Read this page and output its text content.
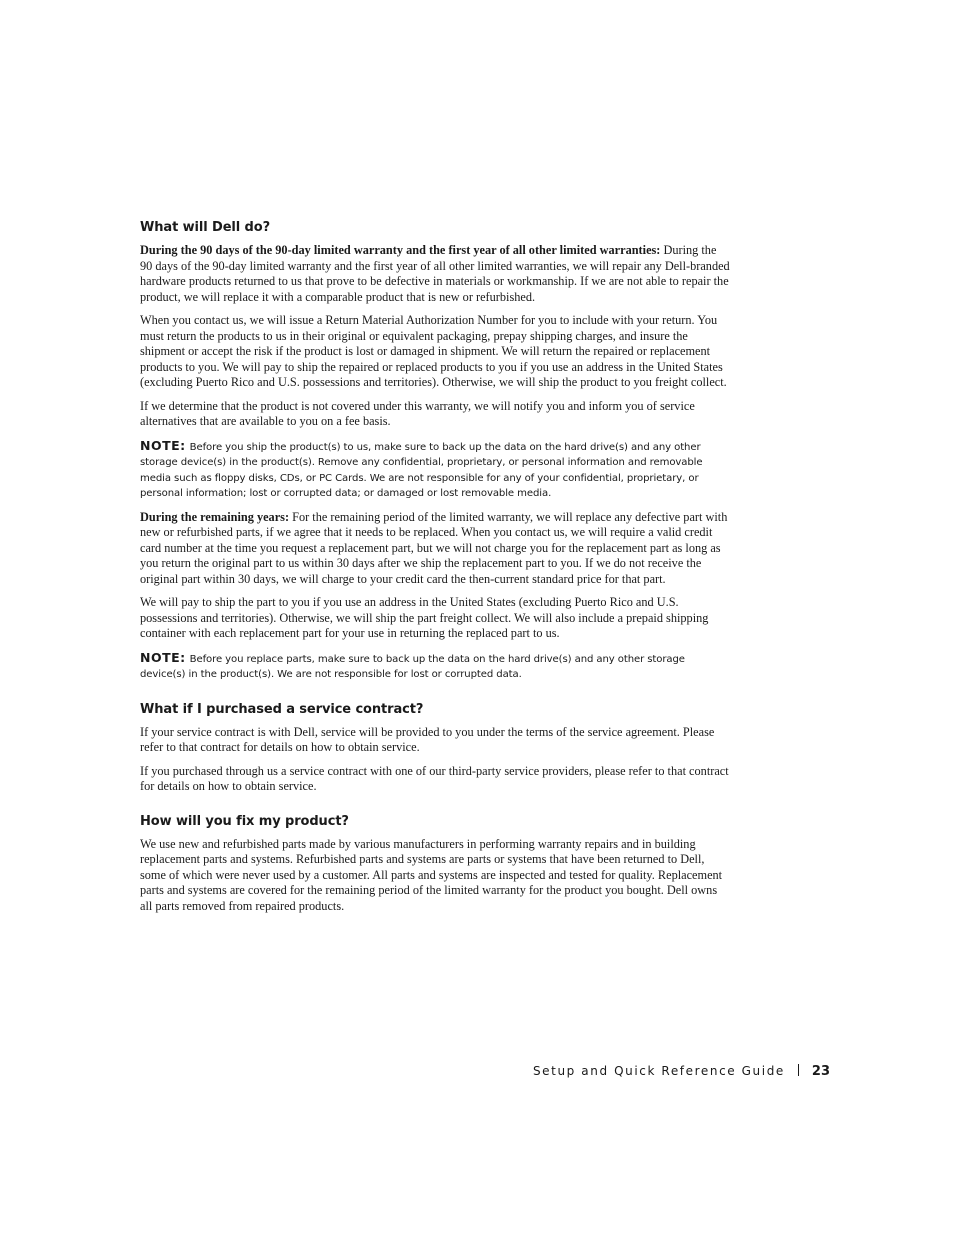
What will Dell do?

During the 90 days of the 90-day limited warranty and the first year of all other limited warranties: During the 90 days of the 90-day limited warranty and the first year of all other limited warranties, we will repair any Dell-branded hardware products returned to us that prove to be defective in materials or workmanship. If we are not able to repair the product, we will replace it with a comparable product that is new or refurbished.

When you contact us, we will issue a Return Material Authorization Number for you to include with your return. You must return the products to us in their original or equivalent packaging, prepay shipping charges, and insure the shipment or accept the risk if the product is lost or damaged in shipment. We will return the repaired or replacement products to you. We will pay to ship the repaired or replaced products to you if you use an address in the United States (excluding Puerto Rico and U.S. possessions and territories). Otherwise, we will ship the product to you freight collect.

If we determine that the product is not covered under this warranty, we will notify you and inform you of service alternatives that are available to you on a fee basis.

NOTE: Before you ship the product(s) to us, make sure to back up the data on the hard drive(s) and any other storage device(s) in the product(s). Remove any confidential, proprietary, or personal information and removable media such as floppy disks, CDs, or PC Cards. We are not responsible for any of your confidential, proprietary, or personal information; lost or corrupted data; or damaged or lost removable media.

During the remaining years: For the remaining period of the limited warranty, we will replace any defective part with new or refurbished parts, if we agree that it needs to be replaced. When you contact us, we will require a valid credit card number at the time you request a replacement part, but we will not charge you for the replacement part as long as you return the original part to us within 30 days after we ship the replacement part to you. If we do not receive the original part within 30 days, we will charge to your credit card the then-current standard price for that part.

We will pay to ship the part to you if you use an address in the United States (excluding Puerto Rico and U.S. possessions and territories). Otherwise, we will ship the part freight collect. We will also include a prepaid shipping container with each replacement part for your use in returning the replaced part to us.

NOTE: Before you replace parts, make sure to back up the data on the hard drive(s) and any other storage device(s) in the product(s). We are not responsible for lost or corrupted data.
What if I purchased a service contract?

If your service contract is with Dell, service will be provided to you under the terms of the service agreement. Please refer to that contract for details on how to obtain service.

If you purchased through us a service contract with one of our third-party service providers, please refer to that contract for details on how to obtain service.

How will you fix my product?

We use new and refurbished parts made by various manufacturers in performing warranty repairs and in building replacement parts and systems. Refurbished parts and systems are parts or systems that have been returned to Dell, some of which were never used by a customer. All parts and systems are inspected and tested for quality. Replacement parts and systems are covered for the remaining period of the limited warranty for the product you bought. Dell owns all parts removed from repaired products.

Setup and Quick Reference Guide 23
